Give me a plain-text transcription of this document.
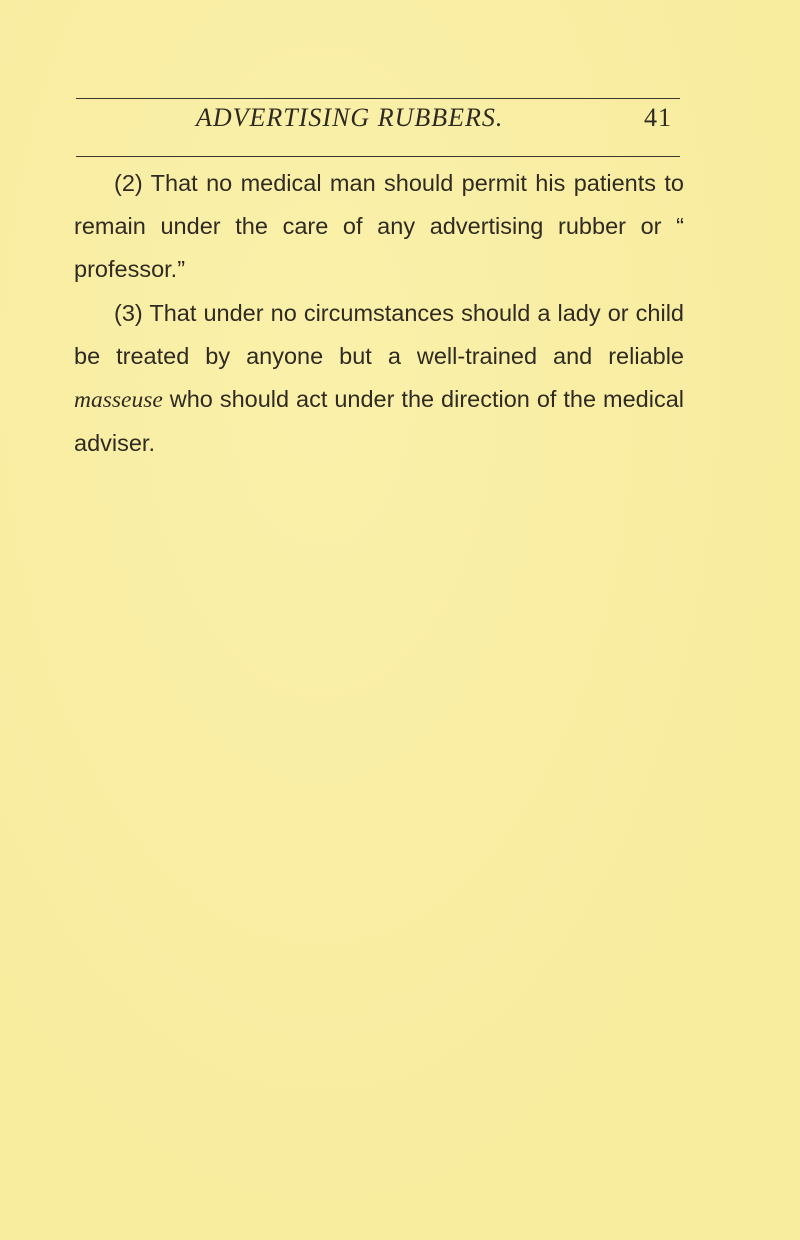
ADVERTISING RUBBERS.	41

(2) That no medical man should permit his patients to remain under the care of any advertising rubber or “ professor.”

(3) That under no circumstances should a lady or child be treated by anyone but a well-trained and reliable masseuse who should act under the direction of the medical adviser.
